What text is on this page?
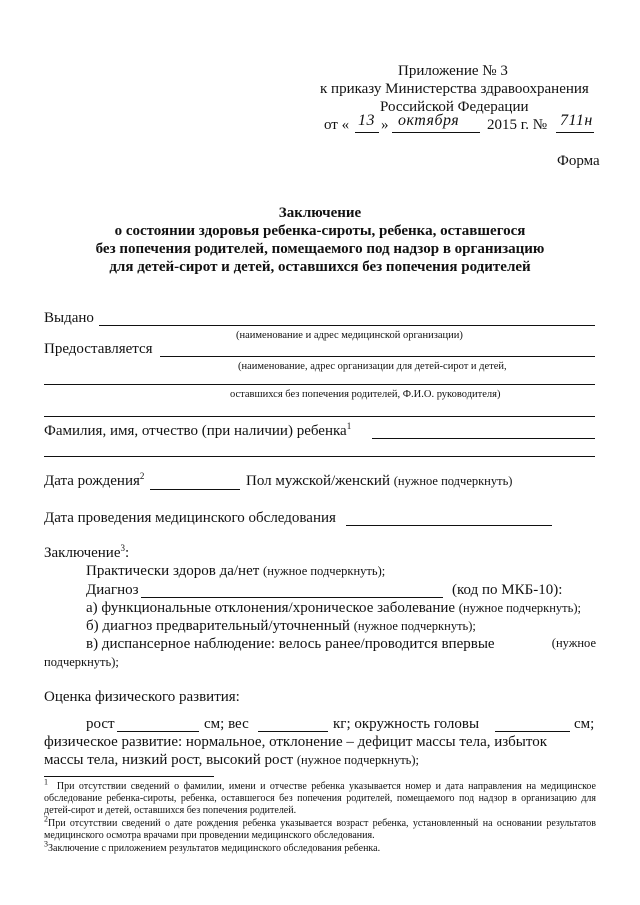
Приложение № 3
к приказу Министерства здравоохранения
Российской Федерации
от « 13 » октября 2015 г. № 711н
Форма
Заключение
о состоянии здоровья ребенка-сироты, ребенка, оставшегося
без попечения родителей, помещаемого под надзор в организацию
для детей-сирот и детей, оставшихся без попечения родителей
Выдано
(наименование и адрес медицинской организации)
Предоставляется
(наименование, адрес организации для детей-сирот и детей,
оставшихся без попечения родителей, Ф.И.О. руководителя)
Фамилия, имя, отчество (при наличии) ребенка$^1$
Дата рождения$^2$	Пол мужской/женский (нужное подчеркнуть)
Дата проведения медицинского обследования
Заключение$^3$:
Практически здоров да/нет (нужное подчеркнуть);
Диагноз	(код по МКБ-10):
а) функциональные отклонения/хроническое заболевание (нужное подчеркнуть);
б) диагноз предварительный/уточненный (нужное подчеркнуть);
в) диспансерное наблюдение: велось ранее/проводится впервые	(нужное
подчеркнуть);
Оценка физического развития:
рост	см; вес	кг; окружность головы	см;
физическое развитие: нормальное, отклонение – дефицит массы тела, избыток
массы тела, низкий рост, высокий рост (нужное подчеркнуть);
$^1$ При отсутствии сведений о фамилии, имени и отчестве ребенка указывается номер и дата направления на медицинское обследование ребенка-сироты, ребенка, оставшегося без попечения родителей, помещаемого под надзор в организацию для детей-сирот и детей, оставшихся без попечения родителей.
$^2$При отсутствии сведений о дате рождения ребенка указывается возраст ребенка, установленный на основании результатов медицинского осмотра врачами при проведении медицинского обследования.
$^3$Заключение с приложением результатов медицинского обследования ребенка.
